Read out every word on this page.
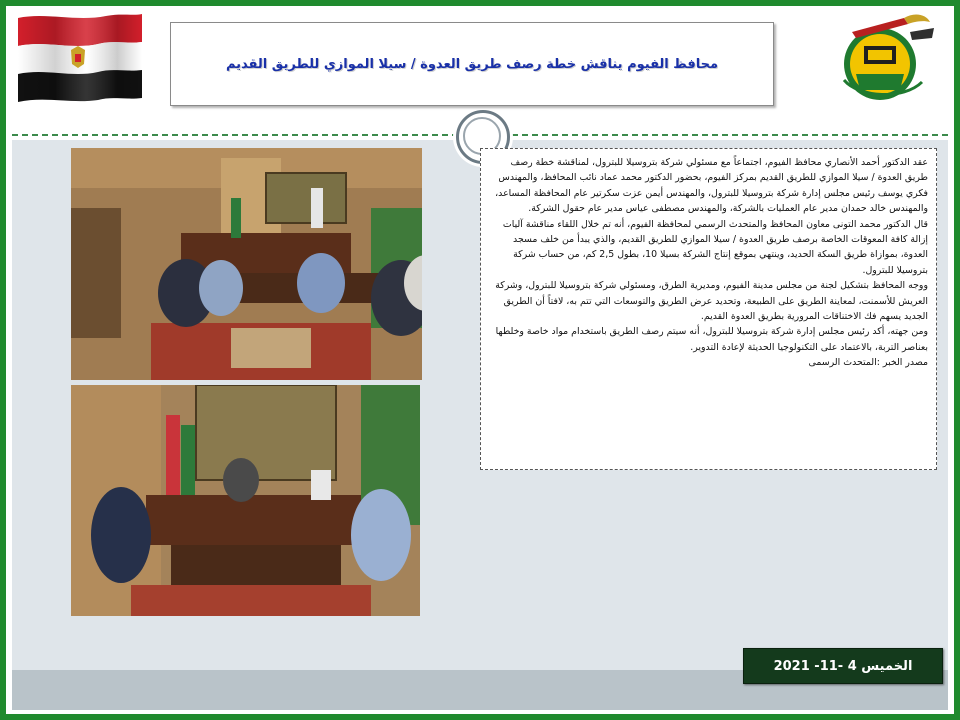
محافظ الفيوم يناقش خطة رصف طريق العدوة / سيلا الموازي للطريق القديم

عقد الدكتور أحمد الأنصاري محافظ الفيوم، اجتماعاً مع مسئولي شركة بتروسيلا للبترول، لمناقشة خطة رصف طريق العدوة / سيلا الموازي للطريق القديم بمركز الفيوم، بحضور الدكتور محمد عماد نائب المحافظ، والمهندس فكري يوسف رئيس مجلس إدارة شركة بتروسيلا للبترول، والمهندس أيمن عزت سكرتير عام المحافظة المساعد، والمهندس خالد حمدان مدير عام العمليات بالشركة، والمهندس مصطفى عياس مدير عام حقول الشركة.

قال الدكتور محمد التونى معاون المحافظ والمتحدث الرسمي لمحافظة الفيوم، أنه تم خلال اللقاء مناقشة آليات إزالة كافة المعوقات الخاصة برصف طريق العدوة / سيلا الموازي للطريق القديم، والذي يبدأ من خلف مسجد العدوة، بموازاة طريق السكة الحديد، وينتهي بموقع إنتاج الشركة بسيلا 10، بطول 2,5 كم، من حساب شركة بتروسيلا للبترول.

ووجه المحافظ بتشكيل لجنة من مجلس مدينة الفيوم، ومديرية الطرق، ومسئولي شركة بتروسيلا للبترول، وشركة العريش للأسمنت، لمعاينة الطريق على الطبيعة، وتحديد عرض الطريق والتوسعات التي تتم به، لافتاً أن الطريق الجديد يسهم فك الاختناقات المرورية بطريق العدوة القديم.

ومن جهته، أكد رئيس مجلس إدارة شركة بتروسيلا للبترول، أنه سيتم رصف الطريق باستخدام مواد خاصة وخلطها بعناصر التربة، بالاعتماد على التكنولوجيا الحديثة لإعادة التدوير.

مصدر الخبر :المتحدث الرسمى

الخميس 4 -11- 2021
